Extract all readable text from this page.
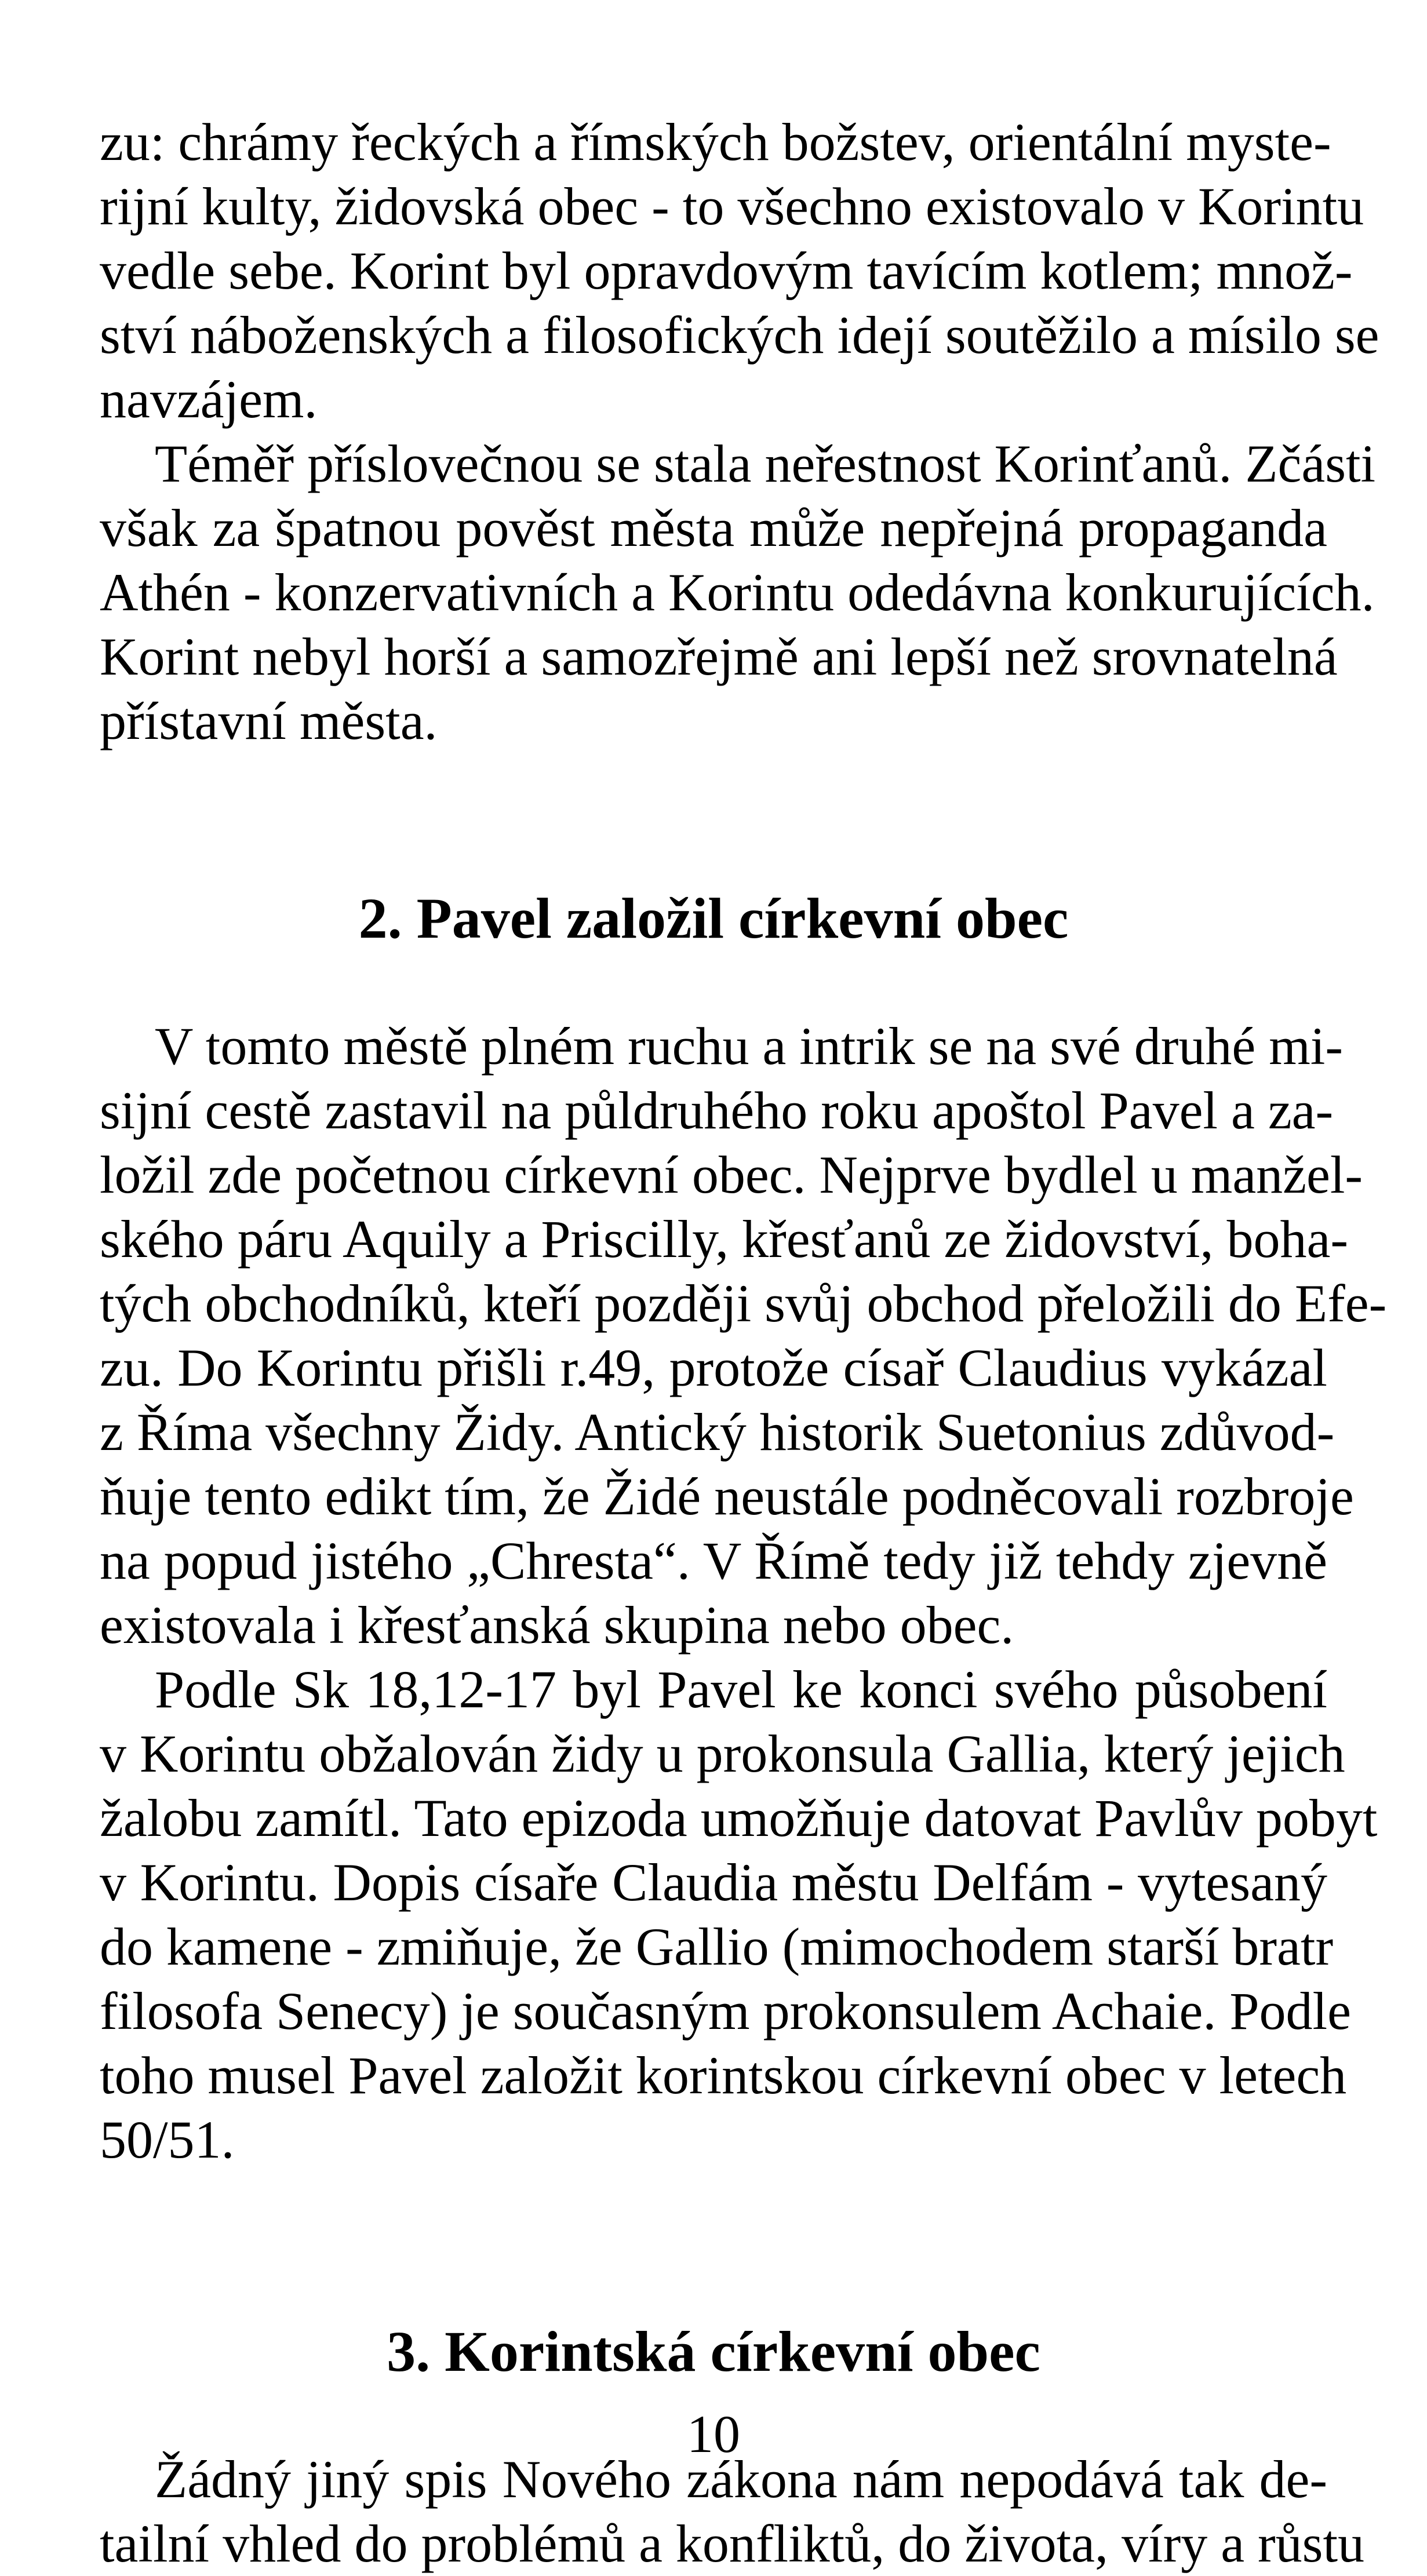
zu: chrámy řeckých a římských božstev, orientální myste-
rijní kulty, židovská obec - to všechno existovalo v Korintu
vedle sebe. Korint byl opravdovým tavícím kotlem; množ-
ství náboženských a filosofických idejí soutěžilo a mísilo se
navzájem.
Téměř příslovečnou se stala neřestnost Korinťanů. Zčásti
však za špatnou pověst města může nepřejná propaganda
Athén - konzervativních a Korintu odedávna konkurujících.
Korint nebyl horší a samozřejmě ani lepší než srovnatelná
přístavní města.
2. Pavel založil církevní obec
V tomto městě plném ruchu a intrik se na své druhé mi-
sijní cestě zastavil na půldruhého roku apoštol Pavel a za-
ložil zde početnou církevní obec. Nejprve bydlel u manžel-
ského páru Aquily a Priscilly, křesťanů ze židovství, boha-
tých obchodníků, kteří později svůj obchod přeložili do Efe-
zu. Do Korintu přišli r.49, protože císař Claudius vykázal
z Říma všechny Židy. Antický historik Suetonius zdůvod-
ňuje tento edikt tím, že Židé neustále podněcovali rozbroje
na popud jistého „Chresta“. V Římě tedy již tehdy zjevně
existovala i křesťanská skupina nebo obec.
Podle Sk 18,12-17 byl Pavel ke konci svého působení
v Korintu obžalován židy u prokonsula Gallia, který jejich
žalobu zamítl. Tato epizoda umožňuje datovat Pavlův pobyt
v Korintu. Dopis císaře Claudia městu Delfám - vytesaný
do kamene - zmiňuje, že Gallio (mimochodem starší bratr
filosofa Senecy) je současným prokonsulem Achaie. Podle
toho musel Pavel založit korintskou církevní obec v letech
50/51.
3. Korintská církevní obec
Žádný jiný spis Nového zákona nám nepodává tak de-
tailní vhled do problémů a konfliktů, do života, víry a růstu
10
